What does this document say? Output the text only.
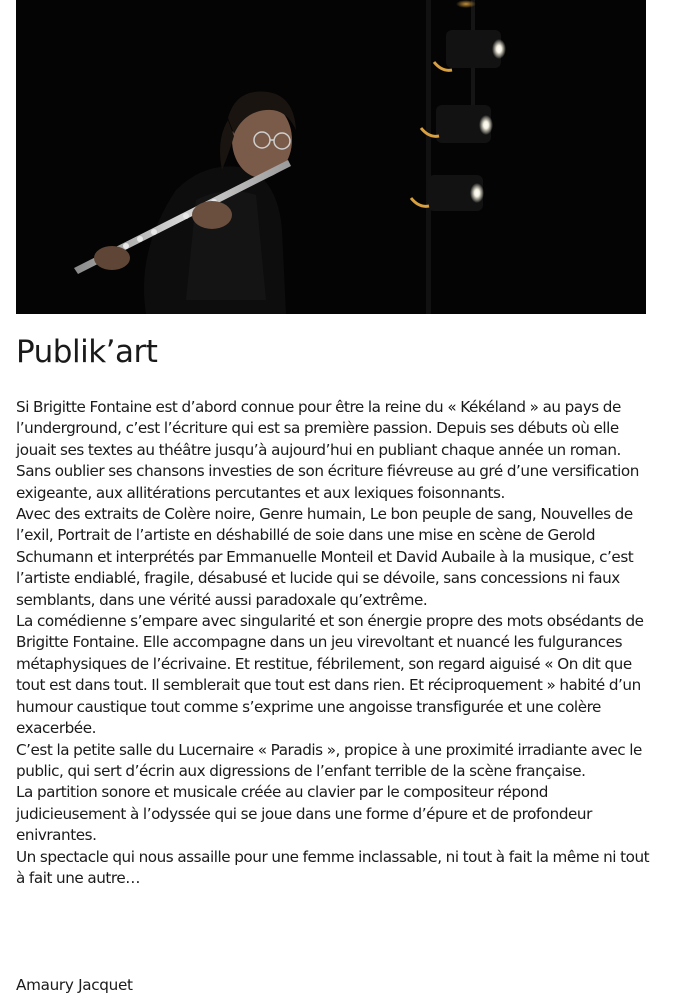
Publik’art

Si Brigitte Fontaine est d’abord connue pour être la reine du « Kékéland » au pays de l’underground, c’est l’écriture qui est sa première passion. Depuis ses débuts où elle jouait ses textes au théâtre jusqu’à aujourd’hui en publiant chaque année un roman. Sans oublier ses chansons investies de son écriture fiévreuse au gré d’une versification exigeante, aux allitérations percutantes et aux lexiques foisonnants.

Avec des extraits de Colère noire, Genre humain, Le bon peuple de sang, Nouvelles de l’exil, Portrait de l’artiste en déshabillé de soie dans une mise en scène de Gerold Schumann et interprétés par Emmanuelle Monteil et David Aubaile à la musique, c’est l’artiste endiablé, fragile, désabusé et lucide qui se dévoile, sans concessions ni faux semblants, dans une vérité aussi paradoxale qu’extrême.

La comédienne s’empare avec singularité et son énergie propre des mots obsédants de Brigitte Fontaine. Elle accompagne dans un jeu virevoltant et nuancé les fulgurances métaphysiques de l’écrivaine. Et restitue, fébrilement, son regard aiguisé « On dit que tout est dans tout. Il semblerait que tout est dans rien. Et réciproquement » habité d’un humour caustique tout comme s’exprime une angoisse transfigurée et une colère exacerbée.

C’est la petite salle du Lucernaire « Paradis », propice à une proximité irradiante avec le public, qui sert d’écrin aux digressions de l’enfant terrible de la scène française.

La partition sonore et musicale créée au clavier par le compositeur répond judicieusement à l’odyssée qui se joue dans une forme d’épure et de profondeur enivrantes.

Un spectacle qui nous assaille pour une femme inclassable, ni tout à fait la même ni tout à fait une autre…

Amaury Jacquet
